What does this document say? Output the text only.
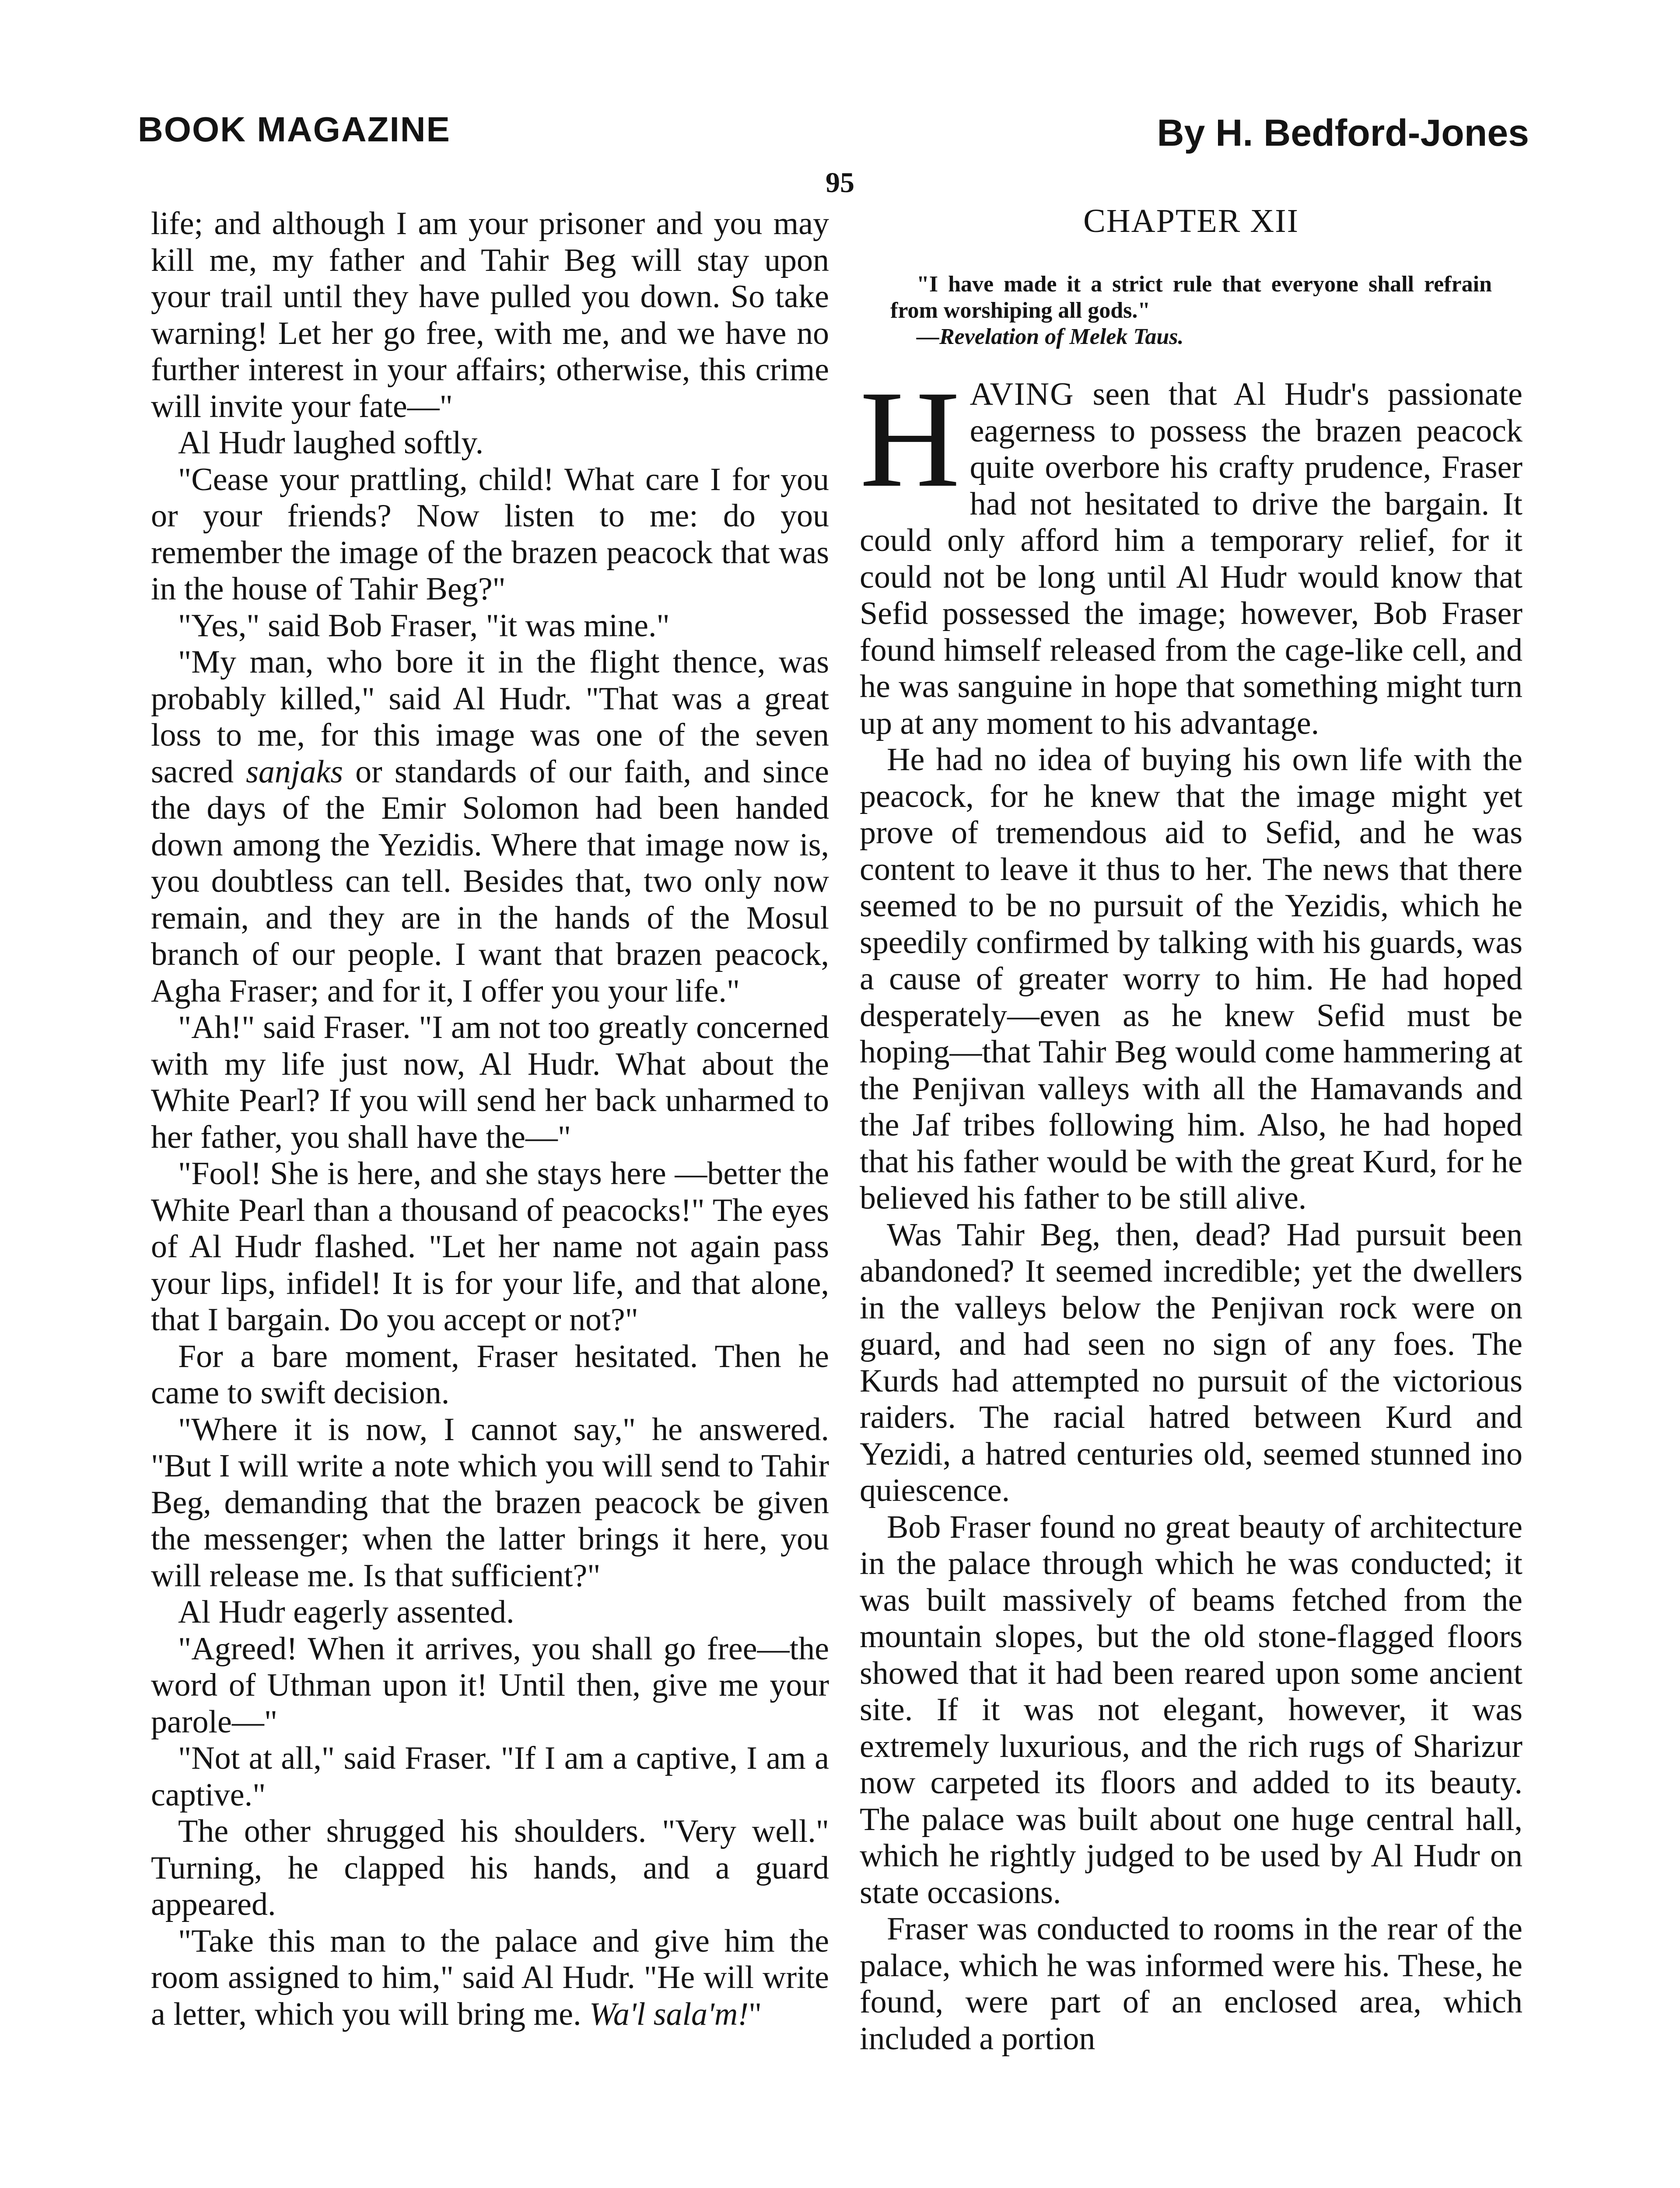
BOOK MAGAZINE	By H. Bedford-Jones
95

life; and although I am your prisoner and you may kill me, my father and Tahir Beg will stay upon your trail until they have pulled you down. So take warning! Let her go free, with me, and we have no further interest in your affairs; otherwise, this crime will invite your fate—"

Al Hudr laughed softly.

"Cease your prattling, child! What care I for you or your friends? Now listen to me: do you remember the image of the brazen peacock that was in the house of Tahir Beg?"

"Yes," said Bob Fraser, "it was mine."

"My man, who bore it in the flight thence, was probably killed," said Al Hudr. "That was a great loss to me, for this image was one of the seven sacred sanjaks or standards of our faith, and since the days of the Emir Solomon had been handed down among the Yezidis. Where that image now is, you doubtless can tell. Besides that, two only now remain, and they are in the hands of the Mosul branch of our people. I want that brazen peacock, Agha Fraser; and for it, I offer you your life."

"Ah!" said Fraser. "I am not too greatly concerned with my life just now, Al Hudr. What about the White Pearl? If you will send her back unharmed to her father, you shall have the—"

"Fool! She is here, and she stays here —better the White Pearl than a thousand of peacocks!" The eyes of Al Hudr flashed. "Let her name not again pass your lips, infidel! It is for your life, and that alone, that I bargain. Do you accept or not?"

For a bare moment, Fraser hesitated. Then he came to swift decision.

"Where it is now, I cannot say," he answered. "But I will write a note which you will send to Tahir Beg, demanding that the brazen peacock be given the messenger; when the latter brings it here, you will release me. Is that sufficient?"

Al Hudr eagerly assented.

"Agreed! When it arrives, you shall go free—the word of Uthman upon it! Until then, give me your parole—"

"Not at all," said Fraser. "If I am a captive, I am a captive."

The other shrugged his shoulders. "Very well." Turning, he clapped his hands, and a guard appeared.

"Take this man to the palace and give him the room assigned to him," said Al Hudr. "He will write a letter, which you will bring me. Wa'l sala'm!"

CHAPTER XII
"I have made it a strict rule that everyone shall refrain from worshiping all gods."
—Revelation of Melek Taus.

HAVING seen that Al Hudr's passionate eagerness to possess the brazen peacock quite overbore his crafty prudence, Fraser had not hesitated to drive the bargain. It could only afford him a temporary relief, for it could not be long until Al Hudr would know that Sefid possessed the image; however, Bob Fraser found himself released from the cage-like cell, and he was sanguine in hope that something might turn up at any moment to his advantage.

He had no idea of buying his own life with the peacock, for he knew that the image might yet prove of tremendous aid to Sefid, and he was content to leave it thus to her. The news that there seemed to be no pursuit of the Yezidis, which he speedily confirmed by talking with his guards, was a cause of greater worry to him. He had hoped desperately—even as he knew Sefid must be hoping—that Tahir Beg would come hammering at the Penjivan valleys with all the Hamavands and the Jaf tribes following him. Also, he had hoped that his father would be with the great Kurd, for he believed his father to be still alive.

Was Tahir Beg, then, dead? Had pursuit been abandoned? It seemed incredible; yet the dwellers in the valleys below the Penjivan rock were on guard, and had seen no sign of any foes. The Kurds had attempted no pursuit of the victorious raiders. The racial hatred between Kurd and Yezidi, a hatred centuries old, seemed stunned ino quiescence.

Bob Fraser found no great beauty of architecture in the palace through which he was conducted; it was built massively of beams fetched from the mountain slopes, but the old stone-flagged floors showed that it had been reared upon some ancient site. If it was not elegant, however, it was extremely luxurious, and the rich rugs of Sharizur now carpeted its floors and added to its beauty. The palace was built about one huge central hall, which he rightly judged to be used by Al Hudr on state occasions.

Fraser was conducted to rooms in the rear of the palace, which he was informed were his. These, he found, were part of an enclosed area, which included a portion
